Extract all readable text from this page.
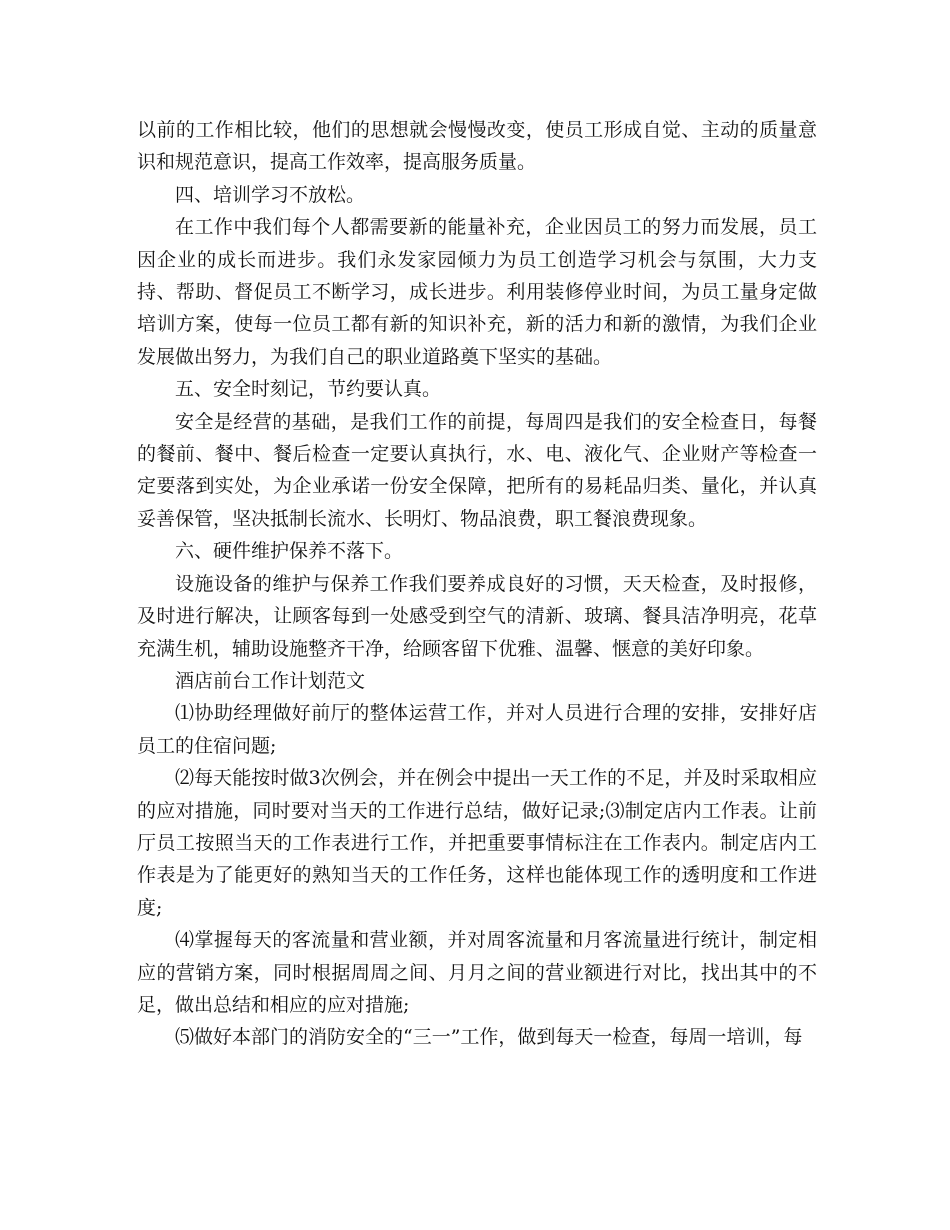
以前的工作相比较，他们的思想就会慢慢改变，使员工形成自觉、主动的质量意识和规范意识，提高工作效率，提高服务质量。

四、培训学习不放松。

在工作中我们每个人都需要新的能量补充，企业因员工的努力而发展，员工因企业的成长而进步。我们永发家园倾力为员工创造学习机会与氛围，大力支持、帮助、督促员工不断学习，成长进步。利用装修停业时间，为员工量身定做培训方案，使每一位员工都有新的知识补充，新的活力和新的激情，为我们企业发展做出努力，为我们自己的职业道路奠下坚实的基础。

五、安全时刻记，节约要认真。

安全是经营的基础，是我们工作的前提，每周四是我们的安全检查日，每餐的餐前、餐中、餐后检查一定要认真执行，水、电、液化气、企业财产等检查一定要落到实处，为企业承诺一份安全保障，把所有的易耗品归类、量化，并认真妥善保管，坚决抵制长流水、长明灯、物品浪费，职工餐浪费现象。

六、硬件维护保养不落下。

设施设备的维护与保养工作我们要养成良好的习惯，天天检查，及时报修，及时进行解决，让顾客每到一处感受到空气的清新、玻璃、餐具洁净明亮，花草充满生机，辅助设施整齐干净，给顾客留下优雅、温馨、惬意的美好印象。

酒店前台工作计划范文

⑴协助经理做好前厅的整体运营工作，并对人员进行合理的安排，安排好店员工的住宿问题;

⑵每天能按时做3次例会，并在例会中提出一天工作的不足，并及时采取相应的应对措施，同时要对当天的工作进行总结，做好记录;⑶制定店内工作表。让前厅员工按照当天的工作表进行工作，并把重要事情标注在工作表内。制定店内工作表是为了能更好的熟知当天的工作任务，这样也能体现工作的透明度和工作进度;

⑷掌握每天的客流量和营业额，并对周客流量和月客流量进行统计，制定相应的营销方案，同时根据周周之间、月月之间的营业额进行对比，找出其中的不足，做出总结和相应的应对措施;

⑸做好本部门的消防安全的“三一”工作，做到每天一检查，每周一培训，每
